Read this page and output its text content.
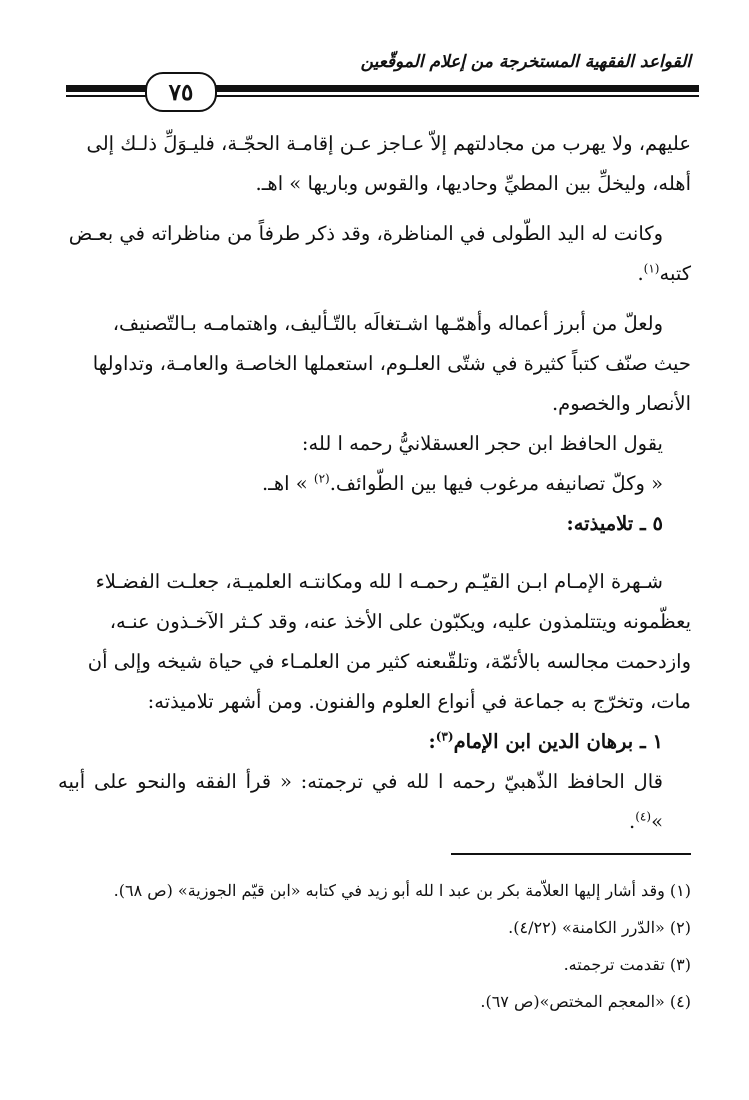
القواعد الفقهية المستخرجة من إعلام الموقّعين
٧٥

عليهم، ولا يهرب من مجادلتهم إلاّ عـاجز عـن إقامـة الحجّـة، فليـوَلِّ ذلـك إلى

أهله، وليخلِّ بين المطيِّ وحاديها، والقوس وباريها » اهـ.

وكانت له اليد الطّولى في المناظرة، وقد ذكر طرفاً من مناظراته في بعـض

كتبه$^{(١)}$.

ولعلّ من أبرز أعماله وأهمّـها اشـتغالَه بالتّـأليف، واهتمامـه بـالتّصنيف،

حيث صنّف كتباً كثيرة في شتّى العلـوم، استعملها الخاصـة والعامـة، وتداولها

الأنصار والخصوم.

يقول الحافظ ابن حجر العسقلانيُّ رحمه ا لله:

« وكلّ تصانيفه مرغوب فيها بين الطّوائف.$^{(٢)}$ » اهـ.

٥ ـ تلاميذته:

شـهرة الإمـام ابـن القيّـم رحمـه ا لله ومكانتـه العلميـة، جعلـت الفضـلاء

يعظّمونه ويتتلمذون عليه، ويكبّون على الأخذ عنه، وقد كـثر الآخـذون عنـه،

وازدحمت مجالسه بالأئمّة، وتلقّىعنه كثير من العلمـاء في حياة شيخه وإلى أن

مات، وتخرّج به جماعة في أنواع العلوم والفنون. ومن أشهر تلاميذته:

١ ـ برهان الدين ابن الإمام$^{(٣)}$:

قال الحافظ الذّهبيّ رحمه ا لله في ترجمته: « قرأ الفقه والنحو على أبيه »$^{(٤)}$.

(١) وقد أشار إليها العلاّمة بكر بن عبد ا لله أبو زيد في كتابه «ابن قيّم الجوزية» (ص ٦٨).
(٢) «الدّرر الكامنة» (٤/٢٢).
(٣) تقدمت ترجمته.
(٤) «المعجم المختص»(ص ٦٧).
